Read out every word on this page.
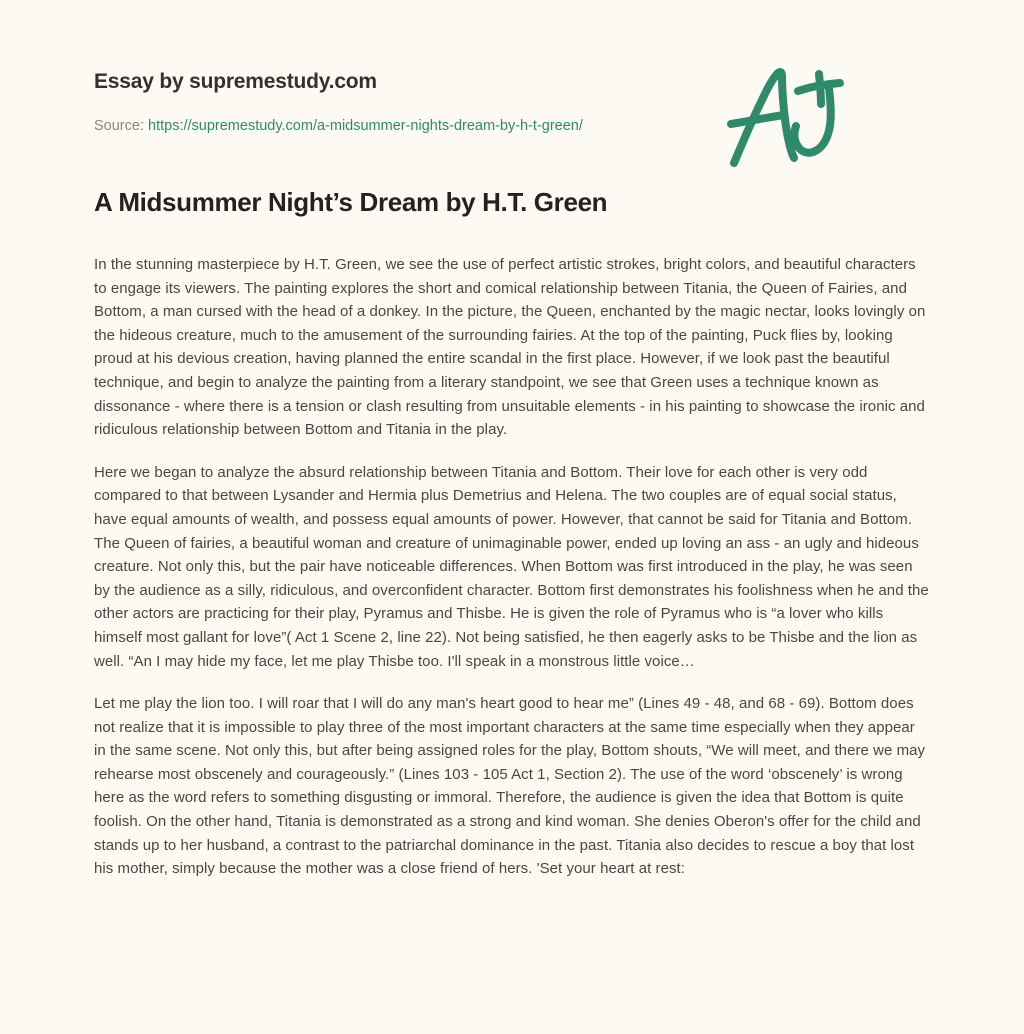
Essay by supremestudy.com
Source: https://supremestudy.com/a-midsummer-nights-dream-by-h-t-green/
A Midsummer Night’s Dream by H.T. Green

In the stunning masterpiece by H.T. Green, we see the use of perfect artistic strokes, bright colors, and beautiful characters to engage its viewers. The painting explores the short and comical relationship between Titania, the Queen of Fairies, and Bottom, a man cursed with the head of a donkey. In the picture, the Queen, enchanted by the magic nectar, looks lovingly on the hideous creature, much to the amusement of the surrounding fairies. At the top of the painting, Puck flies by, looking proud at his devious creation, having planned the entire scandal in the first place. However, if we look past the beautiful technique, and begin to analyze the painting from a literary standpoint, we see that Green uses a technique known as dissonance - where there is a tension or clash resulting from unsuitable elements - in his painting to showcase the ironic and ridiculous relationship between Bottom and Titania in the play.

Here we began to analyze the absurd relationship between Titania and Bottom. Their love for each other is very odd compared to that between Lysander and Hermia plus Demetrius and Helena. The two couples are of equal social status, have equal amounts of wealth, and possess equal amounts of power. However, that cannot be said for Titania and Bottom. The Queen of fairies, a beautiful woman and creature of unimaginable power, ended up loving an ass - an ugly and hideous creature. Not only this, but the pair have noticeable differences. When Bottom was first introduced in the play, he was seen by the audience as a silly, ridiculous, and overconfident character. Bottom first demonstrates his foolishness when he and the other actors are practicing for their play, Pyramus and Thisbe. He is given the role of Pyramus who is “a lover who kills himself most gallant for love”( Act 1 Scene 2, line 22). Not being satisfied, he then eagerly asks to be Thisbe and the lion as well. “An I may hide my face, let me play Thisbe too. I'll speak in a monstrous little voice…

Let me play the lion too. I will roar that I will do any man's heart good to hear me” (Lines 49 - 48, and 68 - 69). Bottom does not realize that it is impossible to play three of the most important characters at the same time especially when they appear in the same scene. Not only this, but after being assigned roles for the play, Bottom shouts, “We will meet, and there we may rehearse most obscenely and courageously.” (Lines 103 - 105 Act 1, Section 2). The use of the word ‘obscenely’ is wrong here as the word refers to something disgusting or immoral. Therefore, the audience is given the idea that Bottom is quite foolish. On the other hand, Titania is demonstrated as a strong and kind woman. She denies Oberon's offer for the child and stands up to her husband, a contrast to the patriarchal dominance in the past. Titania also decides to rescue a boy that lost his mother, simply because the mother was a close friend of hers. 'Set your heart at rest:
